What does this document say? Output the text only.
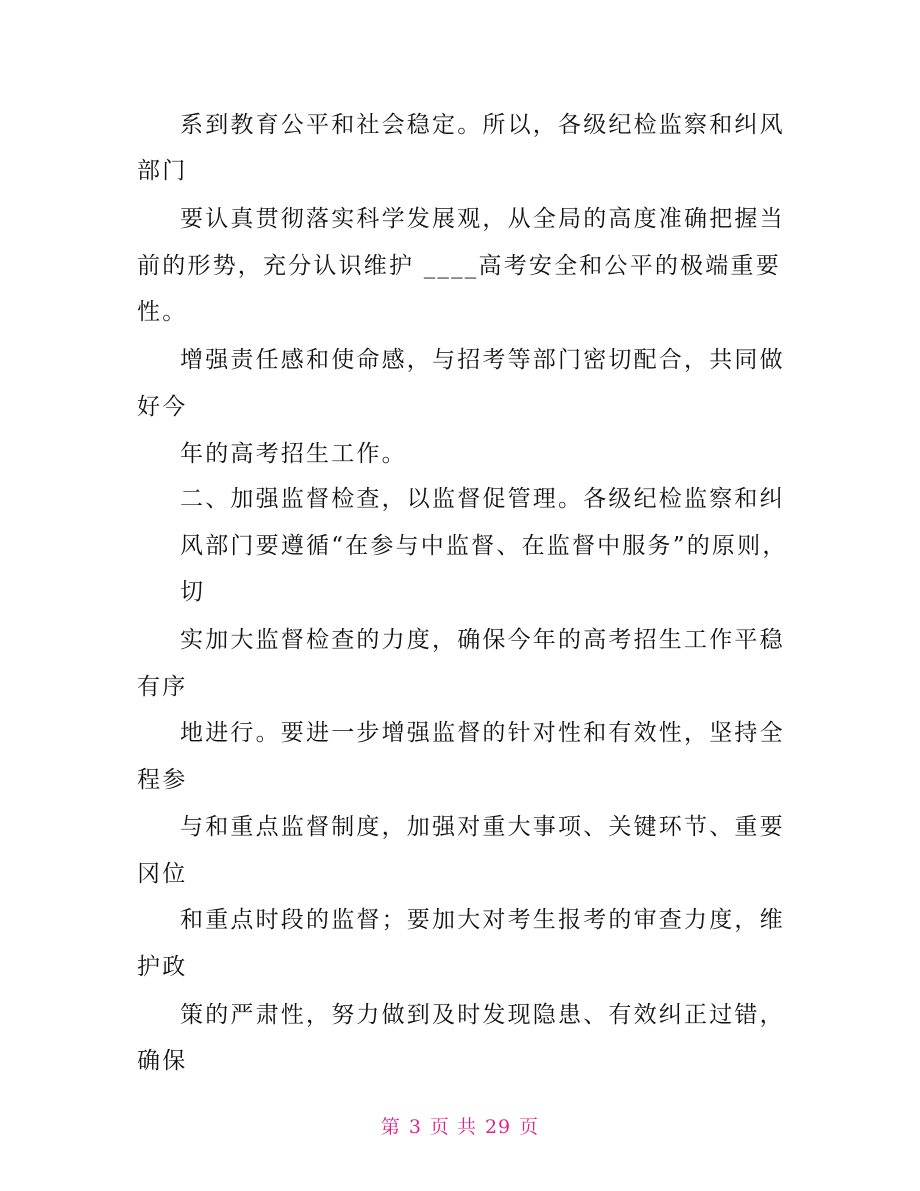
系到教育公平和社会稳定。所以，各级纪检监察和纠风
部门
要认真贯彻落实科学发展观，从全局的高度准确把握当
前的形势，充分认识维护 ____高考安全和公平的极端重要
性。
增强责任感和使命感，与招考等部门密切配合，共同做
好今
年的高考招生工作。
二、加强监督检查，以监督促管理。各级纪检监察和纠
风部门要遵循“在参与中监督、在监督中服务”的原则，
切
实加大监督检查的力度，确保今年的高考招生工作平稳
有序
地进行。要进一步增强监督的针对性和有效性，坚持全
程参
与和重点监督制度，加强对重大事项、关键环节、重要
冈位
和重点时段的监督；要加大对考生报考的审查力度，维
护政
策的严肃性，努力做到及时发现隐患、有效纠正过错，
确保
第 3 页 共 29 页
